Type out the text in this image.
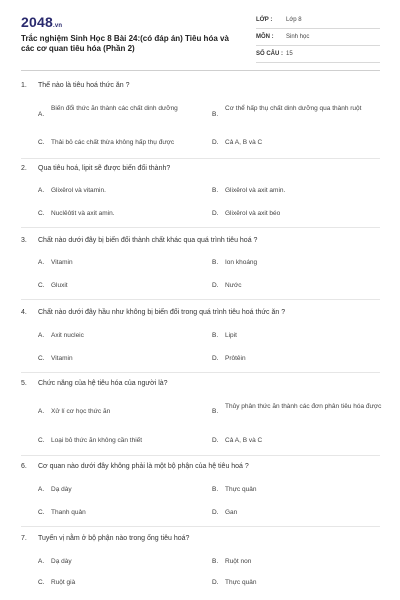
2048.vn
Trắc nghiệm Sinh Học 8 Bài 24:(có đáp án) Tiêu hóa và các cơ quan tiêu hóa (Phần 2)
LỚP :	Lớp 8
MÔN :	Sinh học
SỐ CÂU : 15
1. Thế nào là tiêu hoá thức ăn ?
A.
Biến đổi thức ăn thành các chất dinh dưỡng
B.
Cơ thể hấp thụ chất dinh dưỡng qua thành ruột
C. Thải bỏ các chất thừa không hấp thụ được	D. Cả A, B và C
2. Qua tiêu hoá, lipit sẽ được biến đổi thành?
A. Glixêrol và vitamin.	B. Glixêrol và axit amin.
C. Nuclêôtit và axit amin.	D. Glixêrol và axit béo
3. Chất nào dưới đây bị biến đổi thành chất khác qua quá trình tiêu hoá ?
A. Vitamin	B. Ion khoáng
C. Gluxit	D. Nước
4. Chất nào dưới đây hầu như không bị biến đổi trong quá trình tiêu hoá thức ăn ?
A. Axit nucleic	B. Lipit
C. Vitamin	D. Prôtêin
5. Chức năng của hệ tiêu hóa của người là?
A. Xử lí cơ học thức ăn	B.
Thủy phân thức ăn thành các đơn phân tiêu hóa được
C. Loại bỏ thức ăn không cần thiết	D. Cả A, B và C
6. Cơ quan nào dưới đây không phải là một bộ phận của hệ tiêu hoá ?
A. Dạ dày	B. Thực quản
C. Thanh quản	D. Gan
7. Tuyến vị nằm ở bộ phận nào trong ống tiêu hoá?
A. Dạ dày	B. Ruột non
C. Ruột già	D. Thực quản
